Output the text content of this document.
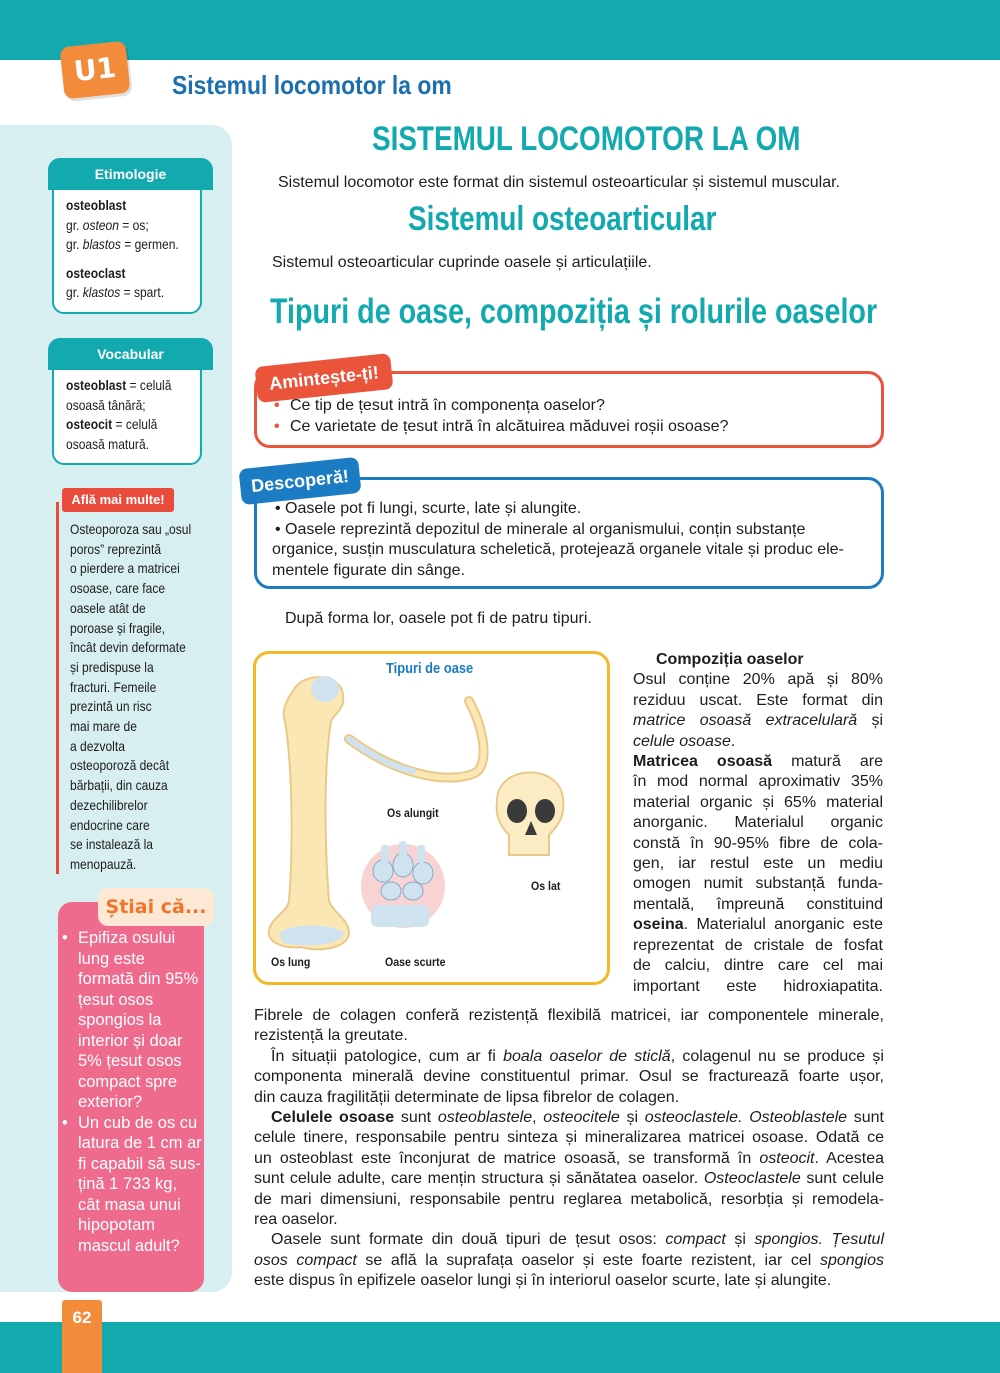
U1	Sistemul locomotor la om
Etimologie
osteoblast
gr. osteon = os;
gr. blastos = germen.
osteoclast
gr. klastos = spart.
Vocabular
osteoblast = celulă
osoasă tânără;
osteocit = celulă
osoasă matură.
Află mai multe!
Osteoporoza sau „osul
poros” reprezintă
o pierdere a matricei
osoase, care face
oasele atât de
poroase și fragile,
încât devin deformate
și predispuse la
fracturi. Femeile
prezintă un risc
mai mare de
a dezvolta
osteoporoză decât
bărbații, din cauza
dezechilibrelor
endocrine care
se instalează la
menopauză.
Știai că...
• Epifiza osului lung este formată din 95% țesut osos spongios la interior și doar 5% țesut osos compact spre exterior?
• Un cub de os cu latura de 1 cm ar fi capabil să sus- țină 1 733 kg, cât masa unui hipopotam mascul adult?
SISTEMUL LOCOMOTOR LA OM
Sistemul locomotor este format din sistemul osteoarticular și sistemul muscular.
Sistemul osteoarticular
Sistemul osteoarticular cuprinde oasele și articulațiile.
Tipuri de oase, compoziția și rolurile oaselor
Amintește-ți!
• Ce tip de țesut intră în componența oaselor?
• Ce varietate de țesut intră în alcătuirea măduvei roșii osoase?
Descoperă!
• Oasele pot fi lungi, scurte, late și alungite.
• Oasele reprezintă depozitul de minerale al organismului, conțin substanțe
organice, susțin musculatura scheletică, protejează organele vitale și produc ele-
mentele figurate din sânge.
După forma lor, oasele pot fi de patru tipuri.
Tipuri de oase
Os lung
Os alungit
Oase scurte
Os lat
Compoziția oaselor
Osul conține 20% apă și 80%
reziduu uscat. Este format din
matrice osoasă extracelulară și
celule osoase.
Matricea osoasă matură are
în mod normal aproximativ 35%
material organic și 65% material
anorganic. Materialul organic
constă în 90-95% fibre de cola-
gen, iar restul este un mediu
omogen numit substanță funda-
mentală, împreună constituind
oseina. Materialul anorganic este
reprezentat de cristale de fosfat
de calciu, dintre care cel mai
important este hidroxiapatita.
Fibrele de colagen conferă rezistență flexibilă matricei, iar componentele minerale,
rezistență la greutate.
În situații patologice, cum ar fi boala oaselor de sticlă, colagenul nu se produce și
componenta minerală devine constituentul primar. Osul se fracturează foarte ușor,
din cauza fragilității determinate de lipsa fibrelor de colagen.
Celulele osoase sunt osteoblastele, osteocitele și osteoclastele. Osteoblastele sunt
celule tinere, responsabile pentru sinteza și mineralizarea matricei osoase. Odată ce
un osteoblast este înconjurat de matrice osoasă, se transformă în osteocit. Acestea
sunt celule adulte, care mențin structura și sănătatea oaselor. Osteoclastele sunt celule
de mari dimensiuni, responsabile pentru reglarea metabolică, resorbția și remodela-
rea oaselor.
Oasele sunt formate din două tipuri de țesut osos: compact și spongios. Țesutul
osos compact se află la suprafața oaselor și este foarte rezistent, iar cel spongios
este dispus în epifizele oaselor lungi și în interiorul oaselor scurte, late și alungite.
62
